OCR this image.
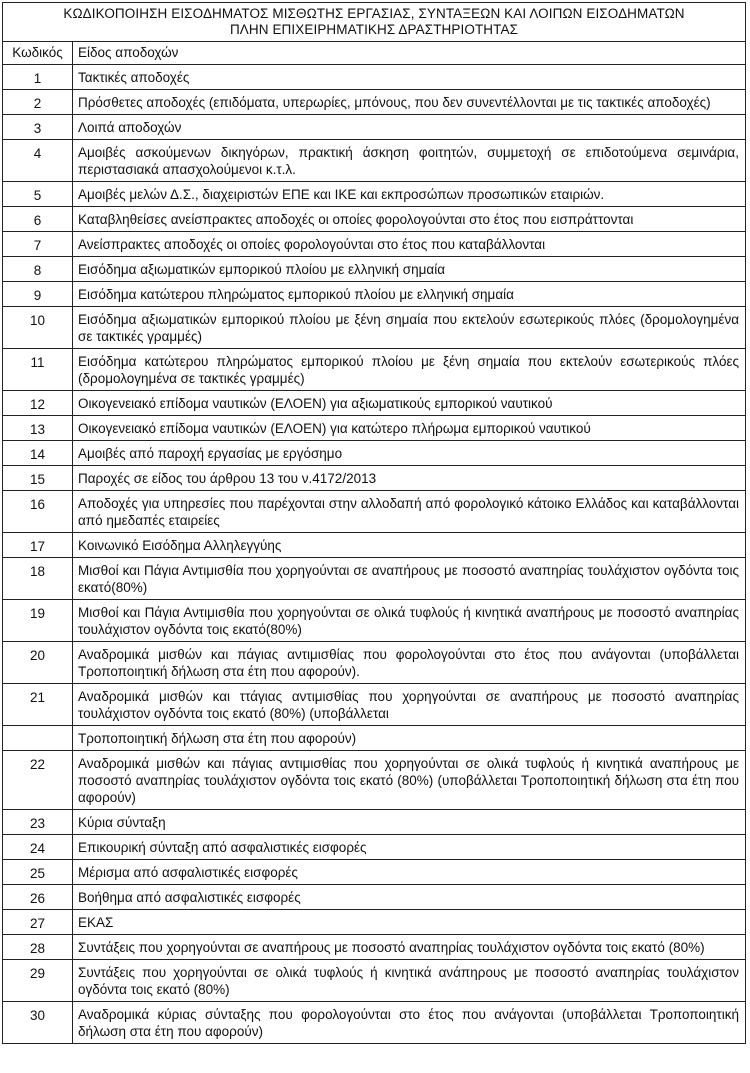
ΚΩΔΙΚΟΠΟΙΗΣΗ ΕΙΣΟΔΗΜΑΤΟΣ ΜΙΣΘΩΤΗΣ ΕΡΓΑΣΙΑΣ, ΣΥΝΤΑΞΕΩΝ ΚΑΙ ΛΟΙΠΩΝ ΕΙΣΟΔΗΜΑΤΩΝ
ΠΛΗΝ ΕΠΙΧΕΙΡΗΜΑΤΙΚΗΣ ΔΡΑΣΤΗΡΙΟΤΗΤΑΣ	

Κωδικός	Είδος αποδοχών
1	Τακτικές αποδοχές
2	Πρόσθετες αποδοχές (επιδόματα, υπερωρίες, μπόνους, που δεν συνεντέλλονται με τις τακτικές αποδοχές)
3	Λοιπά αποδοχών
4	Αμοιβές ασκούμενων δικηγόρων, πρακτική άσκηση φοιτητών, συμμετοχή σε επιδοτούμενα σεμινάρια, περιστασιακά απασχολούμενοι κ.τ.λ.
5	Αμοιβές μελών Δ.Σ., διαχειριστών ΕΠΕ και ΙΚΕ και εκπροσώπων προσωπικών εταιριών.
6	Καταβληθείσες ανείσπρακτες αποδοχές οι οποίες φορολογούνται στο έτος που εισπράττονται
7	Ανείσπρακτες αποδοχές οι οποίες φορολογούνται στο έτος που καταβάλλονται
8	Εισόδημα αξιωματικών εμπορικού πλοίου με ελληνική σημαία
9	Εισόδημα κατώτερου πληρώματος εμπορικού πλοίου με ελληνική σημαία
10	Εισόδημα αξιωματικών εμπορικού πλοίου με ξένη σημαία που εκτελούν εσωτερικούς πλόες (δρομολογημένα σε τακτικές γραμμές)
11	Εισόδημα κατώτερου πληρώματος εμπορικού πλοίου με ξένη σημαία που εκτελούν εσωτερικούς πλόες (δρομολογημένα σε τακτικές γραμμές)
12	Οικογενειακό επίδομα ναυτικών (ΕΛΟΕΝ) για αξιωματικούς εμπορικού ναυτικού
13	Οικογενειακό επίδομα ναυτικών (ΕΛΟΕΝ) για κατώτερο πλήρωμα εμπορικού ναυτικού
14	Αμοιβές από παροχή εργασίας με εργόσημο
15	Παροχές σε είδος του άρθρου 13 του ν.4172/2013
16	Αποδοχές για υπηρεσίες που παρέχονται στην αλλοδαπή από φορολογικό κάτοικο Ελλάδος και καταβάλλονται από ημεδαπές εταιρείες
17	Κοινωνικό Εισόδημα Αλληλεγγύης
18	Μισθοί και Πάγια Αντιμισθία που χορηγούνται σε αναπήρους με ποσοστό αναπηρίας τουλάχιστον ογδόντα τοις εκατό(80%)
19	Μισθοί και Πάγια Αντιμισθία που χορηγούνται σε ολικά τυφλούς ή κινητικά αναπήρους με ποσοστό αναπηρίας τουλάχιστον ογδόντα τοις εκατό(80%)
20	Αναδρομικά μισθών και πάγιας αντιμισθίας που φορολογούνται στο έτος που ανάγονται (υποβάλλεται Τροποποιητική δήλωση στα έτη που αφορούν).
21	Αναδρομικά μισθών και ττάγιας αντιμισθίας που χορηγούνται σε αναπήρους με ποσοστό αναπηρίας τουλάχιστον ογδόντα τοις εκατό (80%) (υποβάλλεται
	Τροποποιητική δήλωση στα έτη που αφορούν)
22	Αναδρομικά μισθών και πάγιας αντιμισθίας που χορηγούνται σε ολικά τυφλούς ή κινητικά αναπήρους με ποσοστό αναπηρίας τουλάχιστον ογδόντα τοις εκατό (80%) (υποβάλλεται Τροποποιητική δήλωση στα έτη που αφορούν)
23	Κύρια σύνταξη
24	Επικουρική σύνταξη από ασφαλιστικές εισφορές
25	Μέρισμα από ασφαλιστικές εισφορές
26	Βοήθημα από ασφαλιστικές εισφορές
27	ΕΚΑΣ
28	Συντάξεις που χορηγούνται σε αναπήρους με ποσοστό αναπηρίας τουλάχιστον ογδόντα τοις εκατό (80%)
29	Συντάξεις που χορηγούνται σε ολικά τυφλούς ή κινητικά ανάπηρους με ποσοστό αναπηρίας τουλάχιστον ογδόντα τοις εκατό (80%)
30	Αναδρομικά κύριας σύνταξης που φορολογούνται στο έτος που ανάγονται (υποβάλλεται Τροποποιητική δήλωση στα έτη που αφορούν)
